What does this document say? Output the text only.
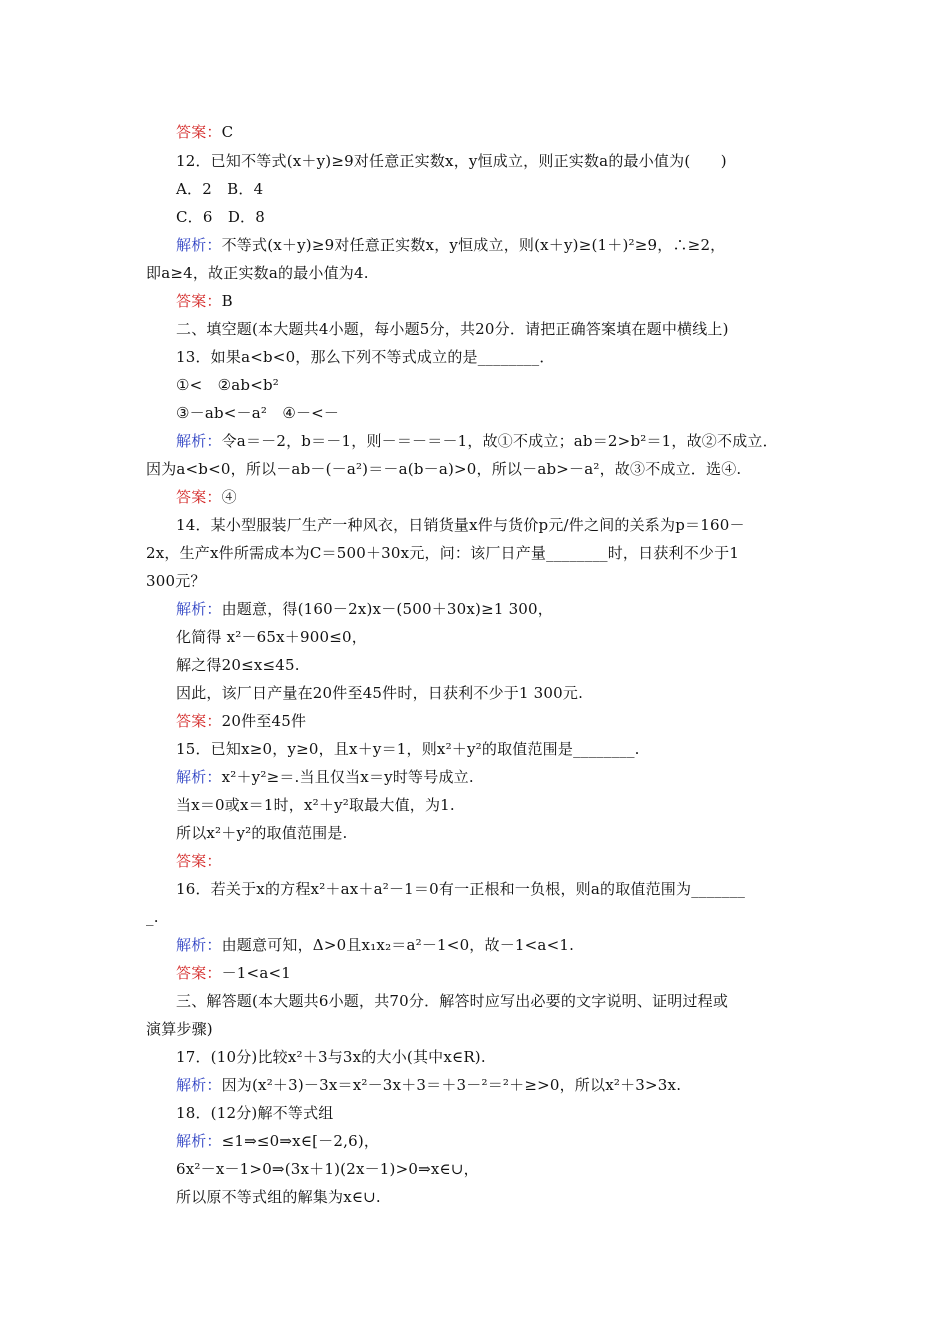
答案：C
12．已知不等式(x＋y)≥9对任意正实数x，y恒成立，则正实数a的最小值为(　　)
A．2　B．4
C．6　D．8
解析：不等式(x＋y)≥9对任意正实数x，y恒成立，则(x＋y)≥(1＋)²≥9，∴≥2，
即a≥4，故正实数a的最小值为4.
答案：B
二、填空题(本大题共4小题，每小题5分，共20分．请把正确答案填在题中横线上)
13．如果a<b<0，那么下列不等式成立的是________．
①<　②ab<b²
③－ab<－a²　④－<－
解析：令a＝－2，b＝－1，则－＝－＝－1，故①不成立；ab＝2>b²＝1，故②不成立．
因为a<b<0，所以－ab－(－a²)＝－a(b－a)>0，所以－ab>－a²，故③不成立．选④.
答案：④
14．某小型服装厂生产一种风衣，日销货量x件与货价p元/件之间的关系为p＝160－
2x，生产x件所需成本为C＝500＋30x元，问：该厂日产量________时，日获利不少于1
300元？
解析：由题意，得(160－2x)x－(500＋30x)≥1 300，
化简得 x²－65x＋900≤0，
解之得20≤x≤45.
因此，该厂日产量在20件至45件时，日获利不少于1 300元.
答案：20件至45件
15．已知x≥0，y≥0，且x＋y＝1，则x²＋y²的取值范围是________.
解析：x²＋y²≥＝.当且仅当x＝y时等号成立.
当x＝0或x＝1时，x²＋y²取最大值，为1.
所以x²＋y²的取值范围是.
答案：
16．若关于x的方程x²＋ax＋a²－1＝0有一正根和一负根，则a的取值范围为_______
_.
解析：由题意可知，Δ>0且x₁x₂＝a²－1<0，故－1<a<1.
答案：－1<a<1
三、解答题(本大题共6小题，共70分．解答时应写出必要的文字说明、证明过程或
演算步骤)
17．(10分)比较x²＋3与3x的大小(其中x∈R).
解析：因为(x²＋3)－3x＝x²－3x＋3＝＋3－²＝²＋≥>0，所以x²＋3>3x.
18．(12分)解不等式组
解析：≤1⇒≤0⇒x∈[－2,6)，
6x²－x－1>0⇒(3x＋1)(2x－1)>0⇒x∈∪，
所以原不等式组的解集为x∈∪.
